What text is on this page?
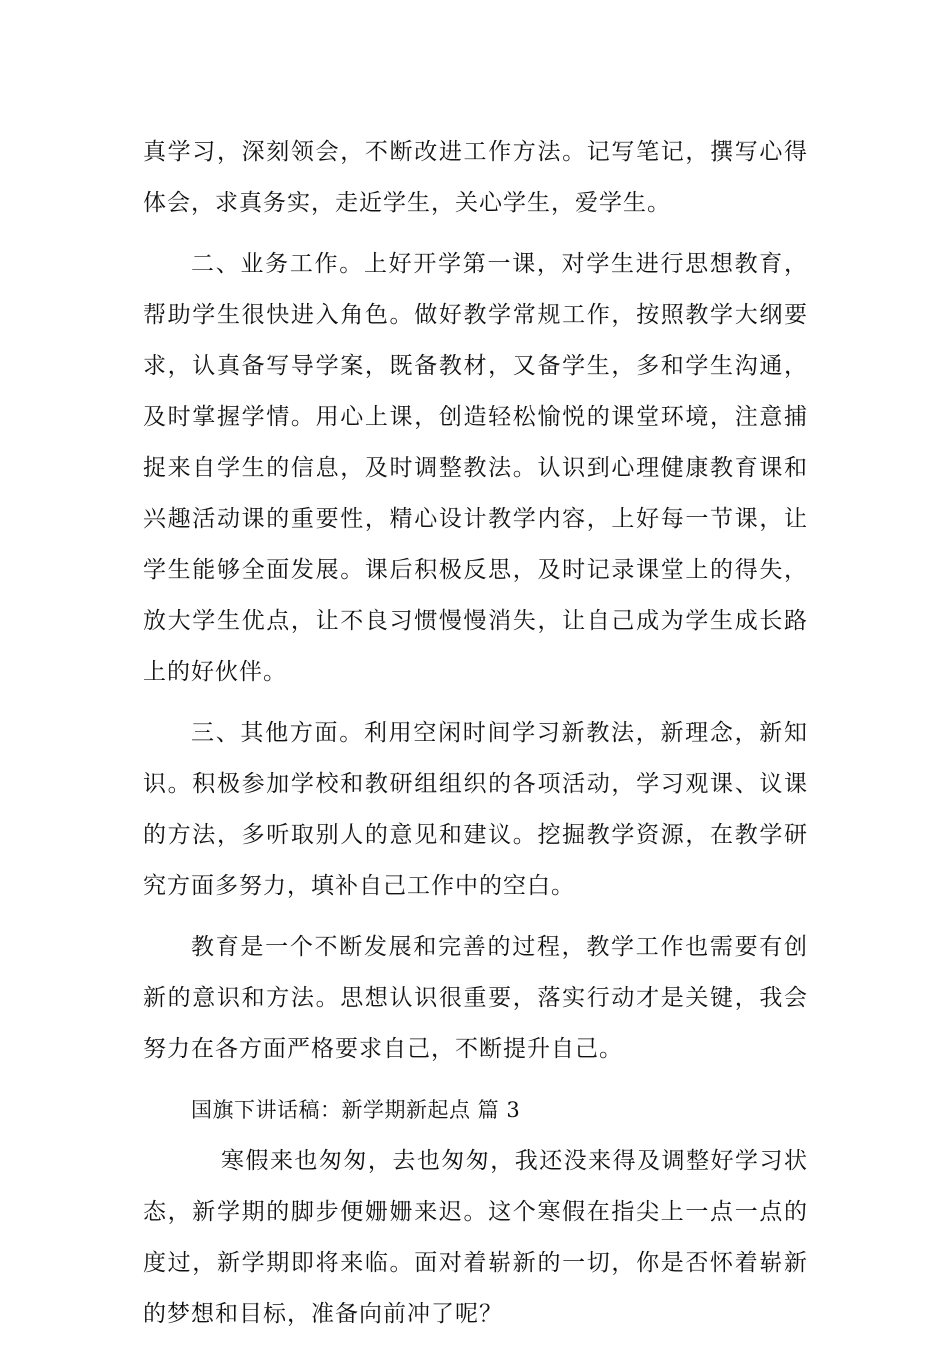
真学习，深刻领会，不断改进工作方法。记写笔记，撰写心得体会，求真务实，走近学生，关心学生，爱学生。

二、业务工作。上好开学第一课，对学生进行思想教育，帮助学生很快进入角色。做好教学常规工作，按照教学大纲要求，认真备写导学案，既备教材，又备学生，多和学生沟通，及时掌握学情。用心上课，创造轻松愉悦的课堂环境，注意捕捉来自学生的信息，及时调整教法。认识到心理健康教育课和兴趣活动课的重要性，精心设计教学内容，上好每一节课，让学生能够全面发展。课后积极反思，及时记录课堂上的得失，放大学生优点，让不良习惯慢慢消失，让自己成为学生成长路上的好伙伴。

三、其他方面。利用空闲时间学习新教法，新理念，新知识。积极参加学校和教研组组织的各项活动，学习观课、议课的方法，多听取别人的意见和建议。挖掘教学资源，在教学研究方面多努力，填补自己工作中的空白。

教育是一个不断发展和完善的过程，教学工作也需要有创新的意识和方法。思想认识很重要，落实行动才是关键，我会努力在各方面严格要求自己，不断提升自己。

国旗下讲话稿：新学期新起点 篇 3

寒假来也匆匆，去也匆匆，我还没来得及调整好学习状态，新学期的脚步便姗姗来迟。这个寒假在指尖上一点一点的度过，新学期即将来临。面对着崭新的一切，你是否怀着崭新的梦想和目标，准备向前冲了呢？
